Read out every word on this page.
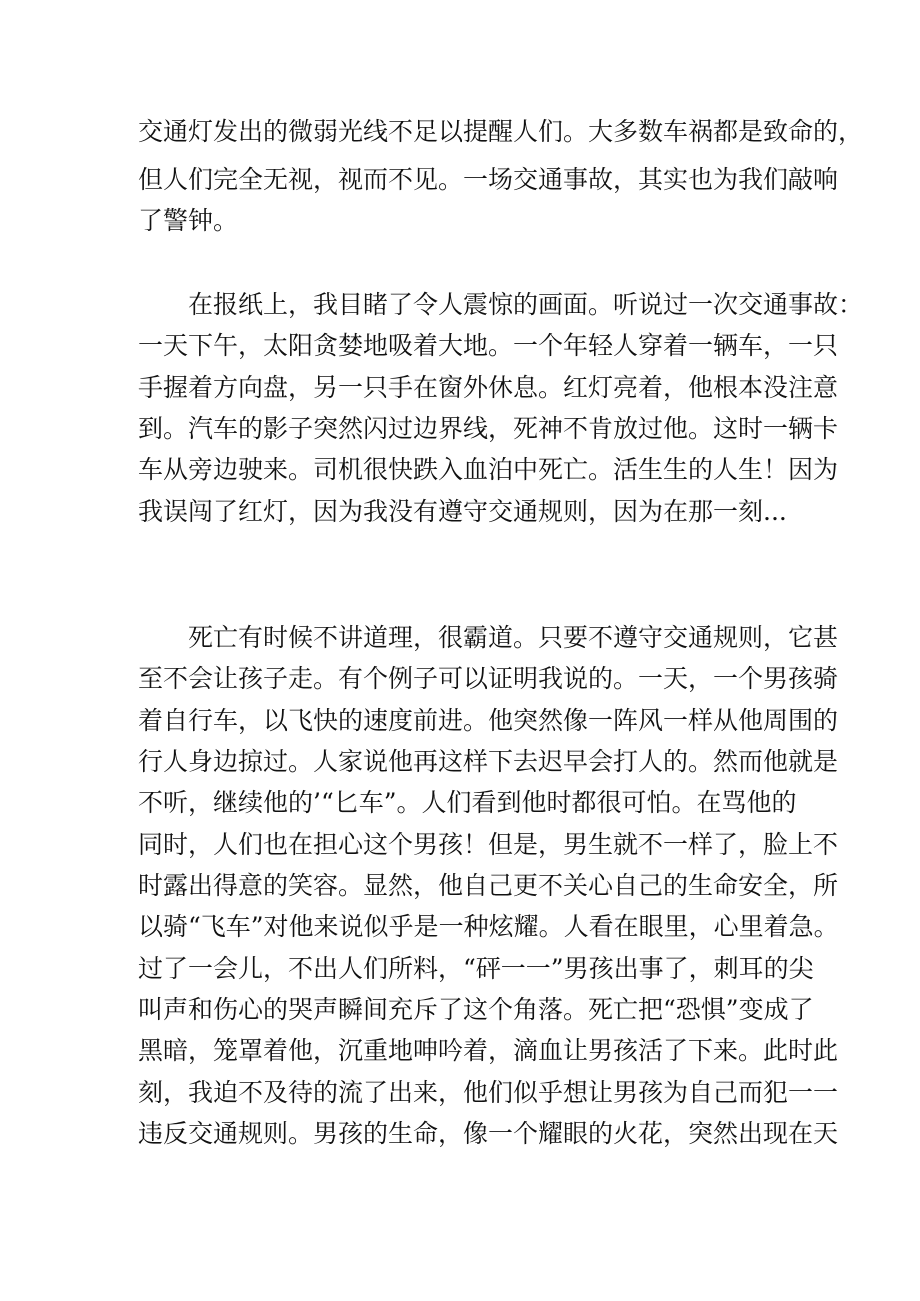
交通灯发出的微弱光线不足以提醒人们。大多数车祸都是致命的，
但人们完全无视，视而不见。一场交通事故，其实也为我们敲响
了警钟。
在报纸上，我目睹了令人震惊的画面。听说过一次交通事故：
一天下午，太阳贪婪地吸着大地。一个年轻人穿着一辆车，一只
手握着方向盘，另一只手在窗外休息。红灯亮着，他根本没注意
到。汽车的影子突然闪过边界线，死神不肯放过他。这时一辆卡
车从旁边驶来。司机很快跌入血泊中死亡。活生生的人生！因为
我误闯了红灯，因为我没有遵守交通规则，因为在那一刻...
死亡有时候不讲道理，很霸道。只要不遵守交通规则，它甚
至不会让孩子走。有个例子可以证明我说的。一天，一个男孩骑
着自行车，以飞快的速度前进。他突然像一阵风一样从他周围的
行人身边掠过。人家说他再这样下去迟早会打人的。然而他就是
不听，继续他的’“匕车”。人们看到他时都很可怕。在骂他的
同时，人们也在担心这个男孩！但是，男生就不一样了，脸上不
时露出得意的笑容。显然，他自己更不关心自己的生命安全，所
以骑“飞车”对他来说似乎是一种炫耀。人看在眼里，心里着急。
过了一会儿，不出人们所料，“砰一一”男孩出事了，刺耳的尖
叫声和伤心的哭声瞬间充斥了这个角落。死亡把“恐惧”变成了
黑暗，笼罩着他，沉重地呻吟着，滴血让男孩活了下来。此时此
刻，我迫不及待的流了出来，他们似乎想让男孩为自己而犯一一
违反交通规则。男孩的生命，像一个耀眼的火花，突然出现在天
